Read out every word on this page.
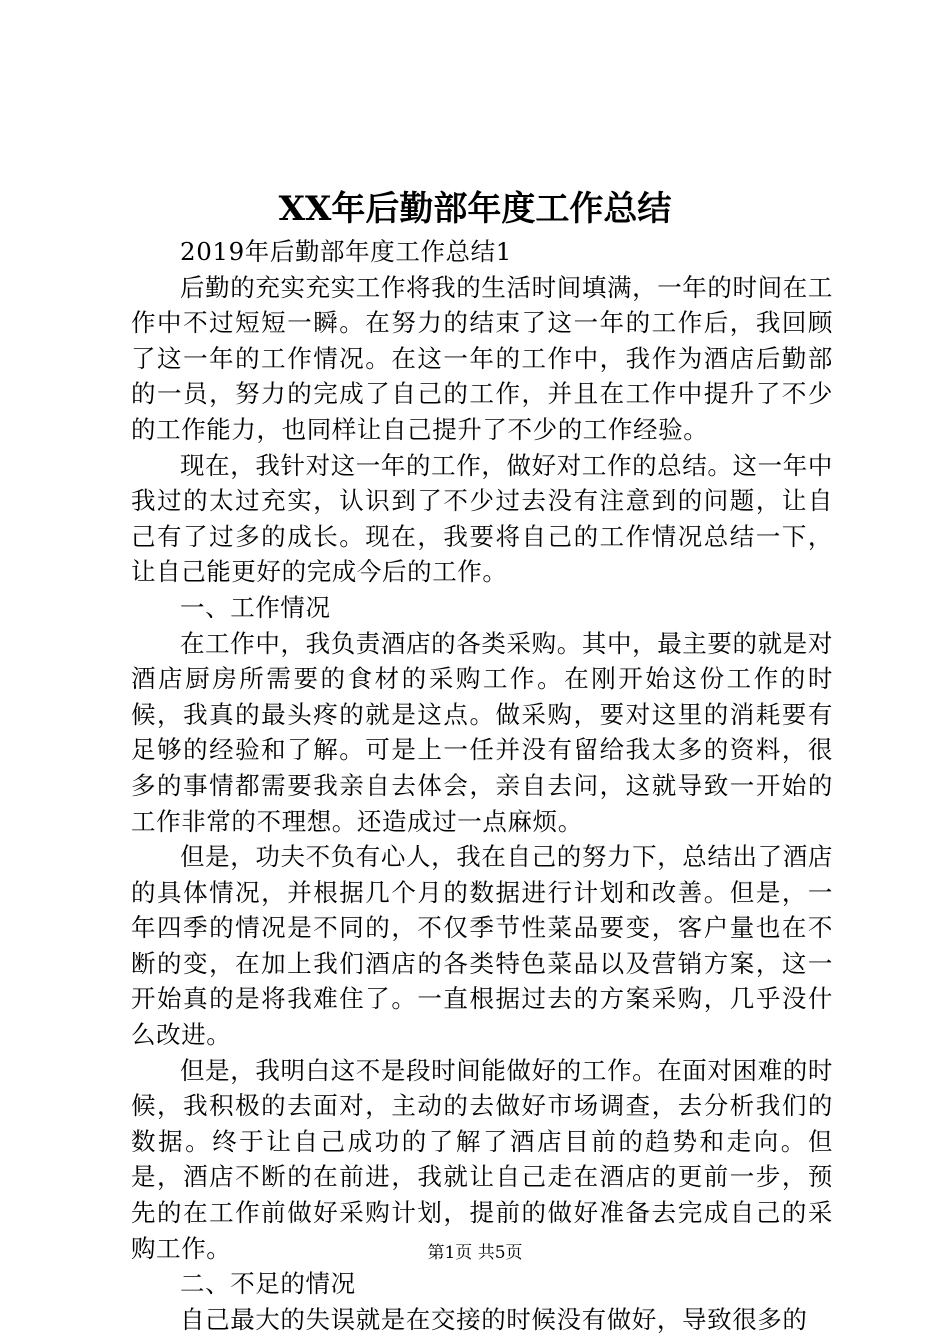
XX年后勤部年度工作总结

2019年后勤部年度工作总结1

后勤的充实充实工作将我的生活时间填满，一年的时间在工作中不过短短一瞬。在努力的结束了这一年的工作后，我回顾了这一年的工作情况。在这一年的工作中，我作为酒店后勤部的一员，努力的完成了自己的工作，并且在工作中提升了不少的工作能力，也同样让自己提升了不少的工作经验。

现在，我针对这一年的工作，做好对工作的总结。这一年中我过的太过充实，认识到了不少过去没有注意到的问题，让自己有了过多的成长。现在，我要将自己的工作情况总结一下，让自己能更好的完成今后的工作。

一、工作情况

在工作中，我负责酒店的各类采购。其中，最主要的就是对酒店厨房所需要的食材的采购工作。在刚开始这份工作的时候，我真的最头疼的就是这点。做采购，要对这里的消耗要有足够的经验和了解。可是上一任并没有留给我太多的资料，很多的事情都需要我亲自去体会，亲自去问，这就导致一开始的工作非常的不理想。还造成过一点麻烦。

但是，功夫不负有心人，我在自己的努力下，总结出了酒店的具体情况，并根据几个月的数据进行计划和改善。但是，一年四季的情况是不同的，不仅季节性菜品要变，客户量也在不断的变，在加上我们酒店的各类特色菜品以及营销方案，这一开始真的是将我难住了。一直根据过去的方案采购，几乎没什么改进。

但是，我明白这不是段时间能做好的工作。在面对困难的时候，我积极的去面对，主动的去做好市场调查，去分析我们的数据。终于让自己成功的了解了酒店目前的趋势和走向。但是，酒店不断的在前进，我就让自己走在酒店的更前一步，预先的在工作前做好采购计划，提前的做好准备去完成自己的采购工作。

二、不足的情况

自己最大的失误就是在交接的时候没有做好，导致很多的

第1页 共5页
